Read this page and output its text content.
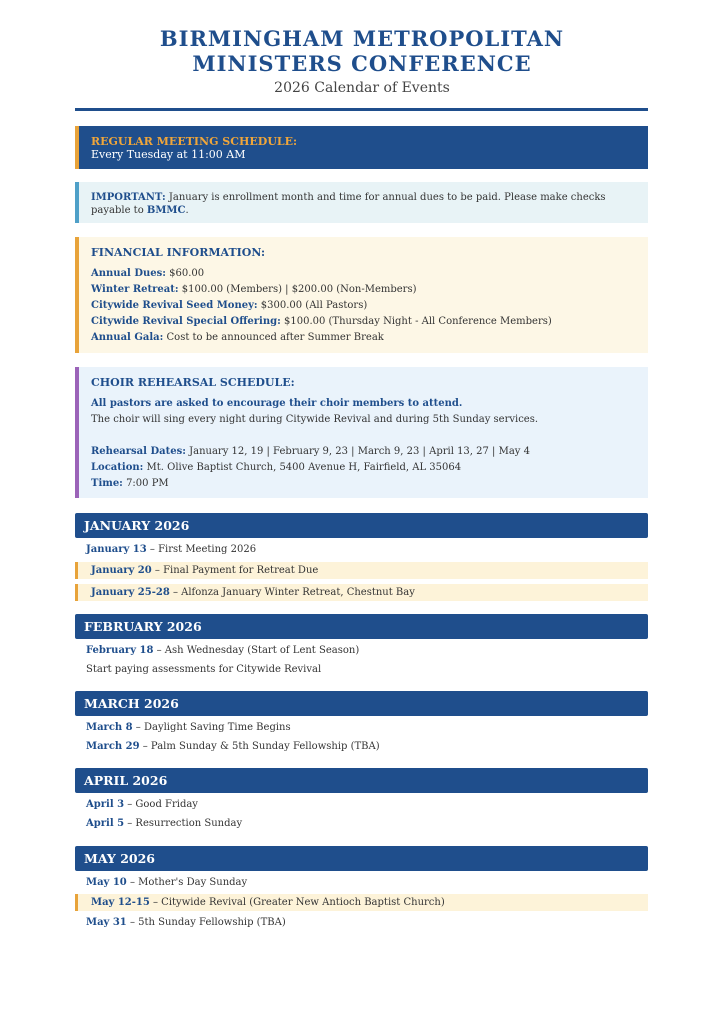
BIRMINGHAM METROPOLITAN
MINISTERS CONFERENCE
2026 Calendar of Events
REGULAR MEETING SCHEDULE:
Every Tuesday at 11:00 AM
IMPORTANT: January is enrollment month and time for annual dues to be paid. Please make checks payable to BMMC.
FINANCIAL INFORMATION:
Annual Dues: $60.00
Winter Retreat: $100.00 (Members) | $200.00 (Non-Members)
Citywide Revival Seed Money: $300.00 (All Pastors)
Citywide Revival Special Offering: $100.00 (Thursday Night - All Conference Members)
Annual Gala: Cost to be announced after Summer Break
CHOIR REHEARSAL SCHEDULE:
All pastors are asked to encourage their choir members to attend.
The choir will sing every night during Citywide Revival and during 5th Sunday services.
Rehearsal Dates: January 12, 19 | February 9, 23 | March 9, 23 | April 13, 27 | May 4
Location: Mt. Olive Baptist Church, 5400 Avenue H, Fairfield, AL 35064
Time: 7:00 PM
JANUARY 2026
January 13 – First Meeting 2026
January 20 – Final Payment for Retreat Due
January 25-28 – Alfonza January Winter Retreat, Chestnut Bay
FEBRUARY 2026
February 18 – Ash Wednesday (Start of Lent Season)
Start paying assessments for Citywide Revival
MARCH 2026
March 8 – Daylight Saving Time Begins
March 29 – Palm Sunday & 5th Sunday Fellowship (TBA)
APRIL 2026
April 3 – Good Friday
April 5 – Resurrection Sunday
MAY 2026
May 10 – Mother's Day Sunday
May 12-15 – Citywide Revival (Greater New Antioch Baptist Church)
May 31 – 5th Sunday Fellowship (TBA)
